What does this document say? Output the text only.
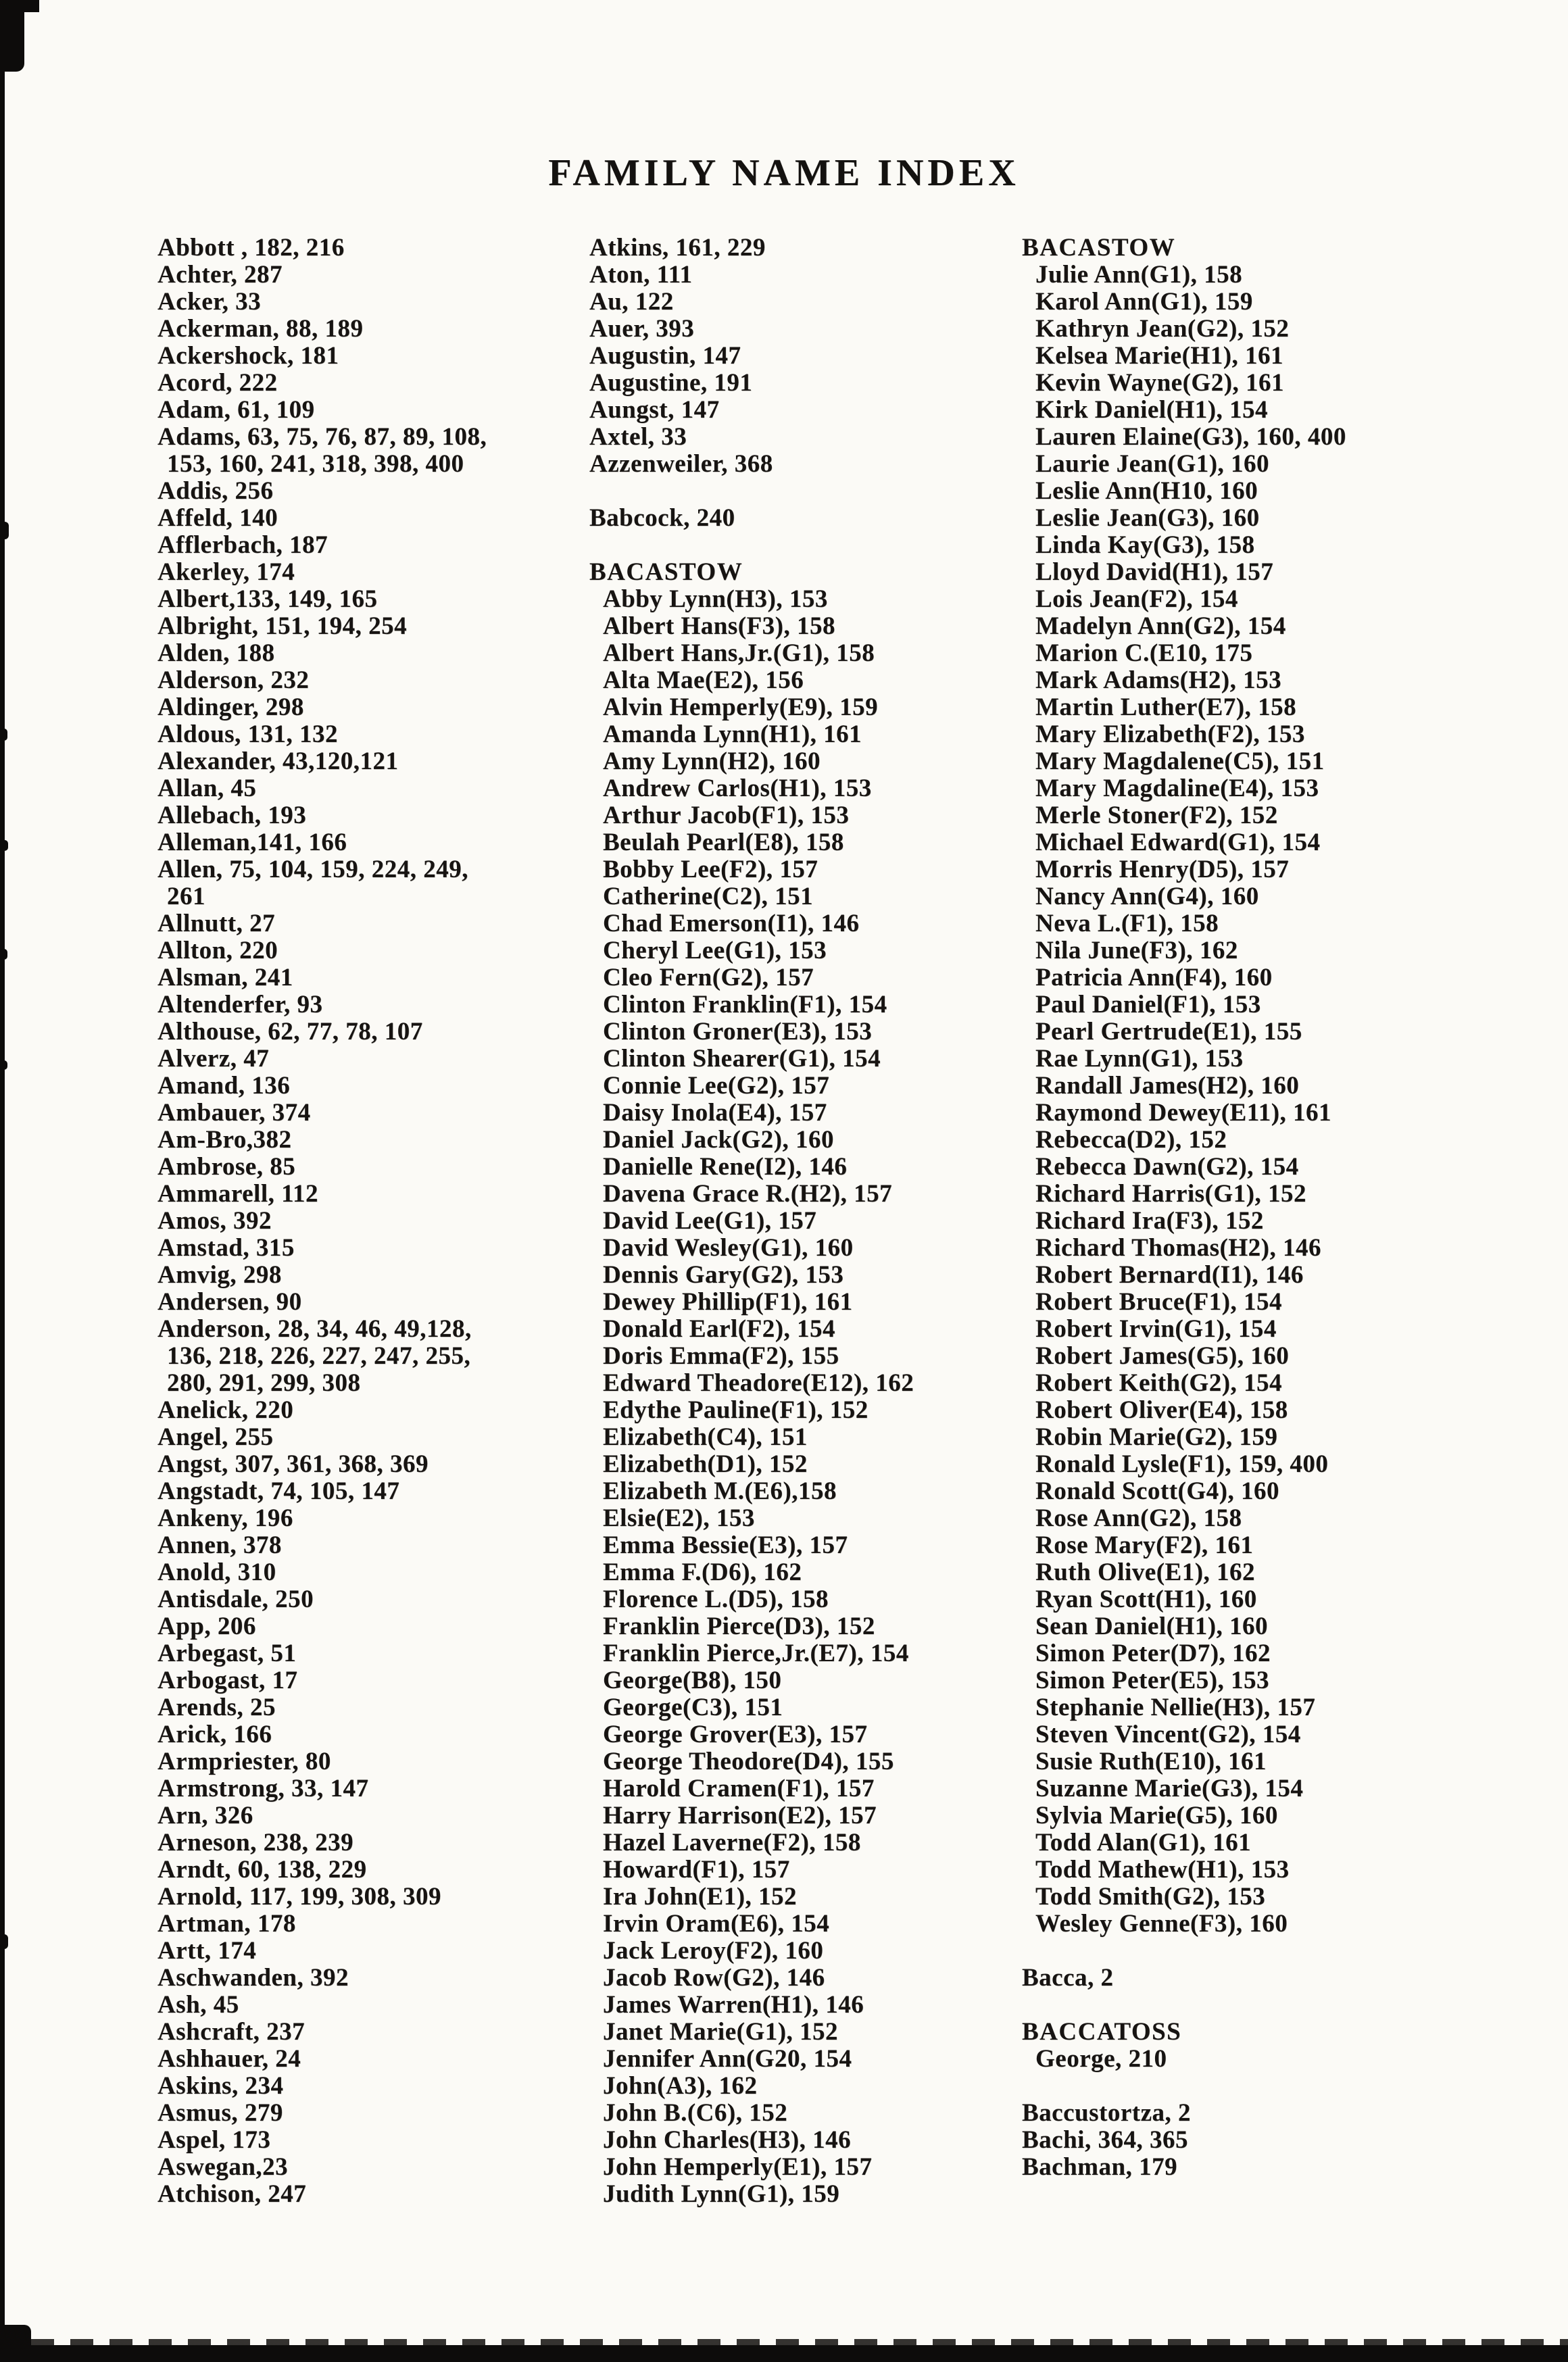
FAMILY NAME INDEX
Abbott , 182, 216
Achter, 287
Acker, 33
Ackerman, 88, 189
Ackershock, 181
Acord, 222
Adam, 61, 109
Adams, 63, 75, 76, 87, 89, 108,
153, 160, 241, 318, 398, 400
Addis, 256
Affeld, 140
Afflerbach, 187
Akerley, 174
Albert,133, 149, 165
Albright, 151, 194, 254
Alden, 188
Alderson, 232
Aldinger, 298
Aldous, 131, 132
Alexander, 43,120,121
Allan, 45
Allebach, 193
Alleman,141, 166
Allen, 75, 104, 159, 224, 249,
261
Allnutt, 27
Allton, 220
Alsman, 241
Altenderfer, 93
Althouse, 62, 77, 78, 107
Alverz, 47
Amand, 136
Ambauer, 374
Am-Bro,382
Ambrose, 85
Ammarell, 112
Amos, 392
Amstad, 315
Amvig, 298
Andersen, 90
Anderson, 28, 34, 46, 49,128,
136, 218, 226, 227, 247, 255,
280, 291, 299, 308
Anelick, 220
Angel, 255
Angst, 307, 361, 368, 369
Angstadt, 74, 105, 147
Ankeny, 196
Annen, 378
Anold, 310
Antisdale, 250
App, 206
Arbegast, 51
Arbogast, 17
Arends, 25
Arick, 166
Armpriester, 80
Armstrong, 33, 147
Arn, 326
Arneson, 238, 239
Arndt, 60, 138, 229
Arnold, 117, 199, 308, 309
Artman, 178
Artt, 174
Aschwanden, 392
Ash, 45
Ashcraft, 237
Ashhauer, 24
Askins, 234
Asmus, 279
Aspel, 173
Aswegan,23
Atchison, 247
Atkins, 161, 229
Aton, 111
Au, 122
Auer, 393
Augustin, 147
Augustine, 191
Aungst, 147
Axtel, 33
Azzenweiler, 368
Babcock, 240
BACASTOW
Abby Lynn(H3), 153
Albert Hans(F3), 158
Albert Hans,Jr.(G1), 158
Alta Mae(E2), 156
Alvin Hemperly(E9), 159
Amanda Lynn(H1), 161
Amy Lynn(H2), 160
Andrew Carlos(H1), 153
Arthur Jacob(F1), 153
Beulah Pearl(E8), 158
Bobby Lee(F2), 157
Catherine(C2), 151
Chad Emerson(I1), 146
Cheryl Lee(G1), 153
Cleo Fern(G2), 157
Clinton Franklin(F1), 154
Clinton Groner(E3), 153
Clinton Shearer(G1), 154
Connie Lee(G2), 157
Daisy Inola(E4), 157
Daniel Jack(G2), 160
Danielle Rene(I2), 146
Davena Grace R.(H2), 157
David Lee(G1), 157
David Wesley(G1), 160
Dennis Gary(G2), 153
Dewey Phillip(F1), 161
Donald Earl(F2), 154
Doris Emma(F2), 155
Edward Theadore(E12), 162
Edythe Pauline(F1), 152
Elizabeth(C4), 151
Elizabeth(D1), 152
Elizabeth M.(E6),158
Elsie(E2), 153
Emma Bessie(E3), 157
Emma F.(D6), 162
Florence L.(D5), 158
Franklin Pierce(D3), 152
Franklin Pierce,Jr.(E7), 154
George(B8), 150
George(C3), 151
George Grover(E3), 157
George Theodore(D4), 155
Harold Cramen(F1), 157
Harry Harrison(E2), 157
Hazel Laverne(F2), 158
Howard(F1), 157
Ira John(E1), 152
Irvin Oram(E6), 154
Jack Leroy(F2), 160
Jacob Row(G2), 146
James Warren(H1), 146
Janet Marie(G1), 152
Jennifer Ann(G20, 154
John(A3), 162
John B.(C6), 152
John Charles(H3), 146
John Hemperly(E1), 157
Judith Lynn(G1), 159
BACASTOW
Julie Ann(G1), 158
Karol Ann(G1), 159
Kathryn Jean(G2), 152
Kelsea Marie(H1), 161
Kevin Wayne(G2), 161
Kirk Daniel(H1), 154
Lauren Elaine(G3), 160, 400
Laurie Jean(G1), 160
Leslie Ann(H10, 160
Leslie Jean(G3), 160
Linda Kay(G3), 158
Lloyd David(H1), 157
Lois Jean(F2), 154
Madelyn Ann(G2), 154
Marion C.(E10, 175
Mark Adams(H2), 153
Martin Luther(E7), 158
Mary Elizabeth(F2), 153
Mary Magdalene(C5), 151
Mary Magdaline(E4), 153
Merle Stoner(F2), 152
Michael Edward(G1), 154
Morris Henry(D5), 157
Nancy Ann(G4), 160
Neva L.(F1), 158
Nila June(F3), 162
Patricia Ann(F4), 160
Paul Daniel(F1), 153
Pearl Gertrude(E1), 155
Rae Lynn(G1), 153
Randall James(H2), 160
Raymond Dewey(E11), 161
Rebecca(D2), 152
Rebecca Dawn(G2), 154
Richard Harris(G1), 152
Richard Ira(F3), 152
Richard Thomas(H2), 146
Robert Bernard(I1), 146
Robert Bruce(F1), 154
Robert Irvin(G1), 154
Robert James(G5), 160
Robert Keith(G2), 154
Robert Oliver(E4), 158
Robin Marie(G2), 159
Ronald Lysle(F1), 159, 400
Ronald Scott(G4), 160
Rose Ann(G2), 158
Rose Mary(F2), 161
Ruth Olive(E1), 162
Ryan Scott(H1), 160
Sean Daniel(H1), 160
Simon Peter(D7), 162
Simon Peter(E5), 153
Stephanie Nellie(H3), 157
Steven Vincent(G2), 154
Susie Ruth(E10), 161
Suzanne Marie(G3), 154
Sylvia Marie(G5), 160
Todd Alan(G1), 161
Todd Mathew(H1), 153
Todd Smith(G2), 153
Wesley Genne(F3), 160
Bacca, 2
BACCATOSS
George, 210
Baccustortza, 2
Bachi, 364, 365
Bachman, 179
